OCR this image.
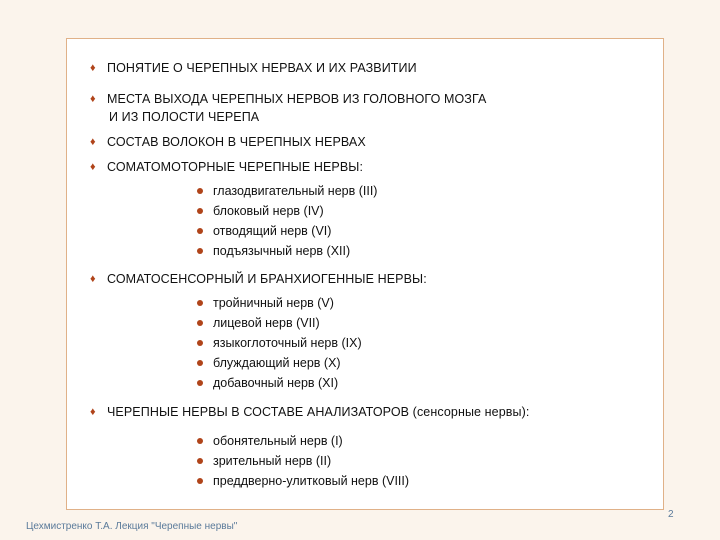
♦ ПОНЯТИЕ О ЧЕРЕПНЫХ НЕРВАХ И ИХ РАЗВИТИИ
♦ МЕСТА ВЫХОДА ЧЕРЕПНЫХ НЕРВОВ ИЗ ГОЛОВНОГО МОЗГА
И ИЗ ПОЛОСТИ ЧЕРЕПА
♦ СОСТАВ ВОЛОКОН В ЧЕРЕПНЫХ НЕРВАХ
♦ СОМАТОМОТОРНЫЕ ЧЕРЕПНЫЕ НЕРВЫ:
глазодвигательный нерв (III)
блоковый нерв (IV)
отводящий нерв (VI)
подъязычный нерв (XII)
♦ СОМАТОСЕНСОРНЫЙ И БРАНХИОГЕННЫЕ НЕРВЫ:
тройничный нерв (V)
лицевой нерв (VII)
языкоглоточный нерв (IX)
блуждающий нерв (X)
добавочный нерв (XI)
♦ ЧЕРЕПНЫЕ НЕРВЫ В СОСТАВЕ АНАЛИЗАТОРОВ (сенсорные нервы):
обонятельный нерв (I)
зрительный нерв (II)
преддверно-улитковый нерв (VIII)
2
Цехмистренко Т.А. Лекция "Черепные нервы"
